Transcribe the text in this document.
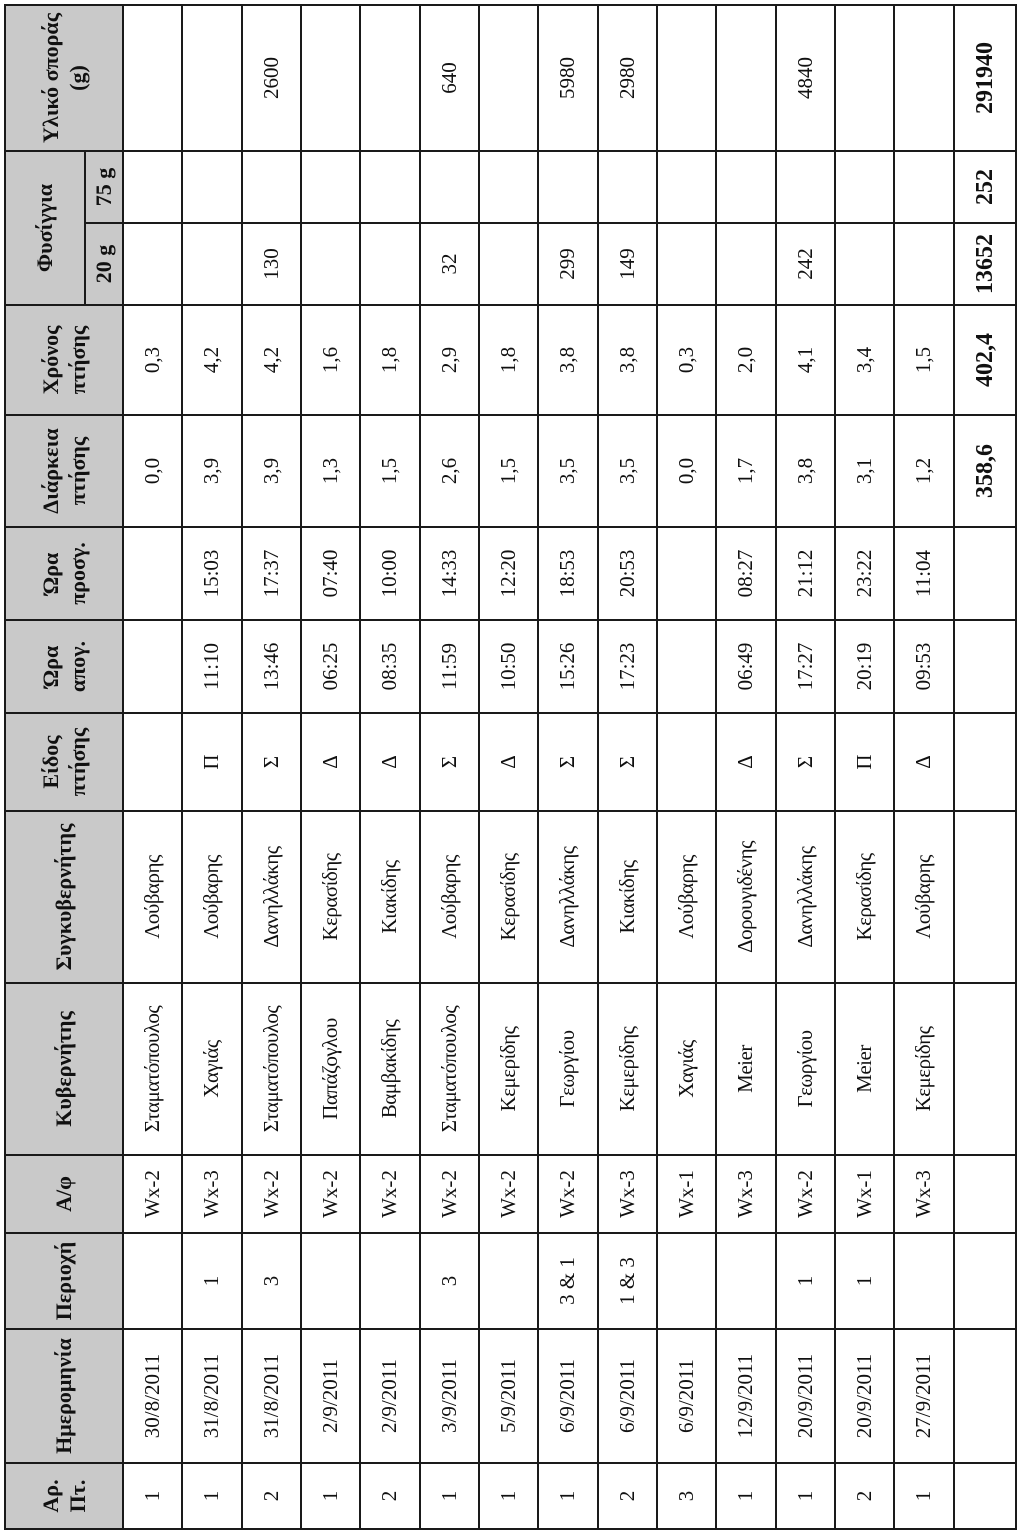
Αρ. Πτ.	Ημερομηνία	Περιοχή	Α/φ	Κυβερνήτης	Συγκυβερνήτης	Είδος πτήσης	Ώρα απογ.	Ώρα προσγ.	Διάρκεια πτήσης	Χρόνος πτήσης	Φυσίγγια		Υλικό σποράς (g)
											20 g	75 g	
1	30/8/2011		Wx-2	Σταματόπουλος	Λούβαρης				0,0	0,3			
1	31/8/2011	1	Wx-3	Χαγιάς	Λούβαρης	Π	11:10	15:03	3,9	4,2			
2	31/8/2011	3	Wx-2	Σταματόπουλος	Δανηλλάκης	Σ	13:46	17:37	3,9	4,2	130		2600
1	2/9/2011		Wx-2	Παπάζογλου	Κερασίδης	Δ	06:25	07:40	1,3	1,6			
2	2/9/2011		Wx-2	Βαμβακίδης	Κιακίδης	Δ	08:35	10:00	1,5	1,8			
1	3/9/2011	3	Wx-2	Σταματόπουλος	Λούβαρης	Σ	11:59	14:33	2,6	2,9	32		640
1	5/9/2011		Wx-2	Κεμερίδης	Κερασίδης	Δ	10:50	12:20	1,5	1,8			
1	6/9/2011	3 & 1	Wx-2	Γεωργίου	Δανηλλάκης	Σ	15:26	18:53	3,5	3,8	299		5980
2	6/9/2011	1 & 3	Wx-3	Κεμερίδης	Κιακίδης	Σ	17:23	20:53	3,5	3,8	149		2980
3	6/9/2011		Wx-1	Χαγιάς	Λούβαρης				0,0	0,3			
1	12/9/2011		Wx-3	Meier	Δορουγιδένης	Δ	06:49	08:27	1,7	2,0			
1	20/9/2011	1	Wx-2	Γεωργίου	Δανηλλάκης	Σ	17:27	21:12	3,8	4,1	242		4840
2	20/9/2011	1	Wx-1	Meier	Κερασίδης	Π	20:19	23:22	3,1	3,4			
1	27/9/2011		Wx-3	Κεμερίδης	Λούβαρης	Δ	09:53	11:04	1,2	1,5			
									358,6	402,4	13652	252	291940
